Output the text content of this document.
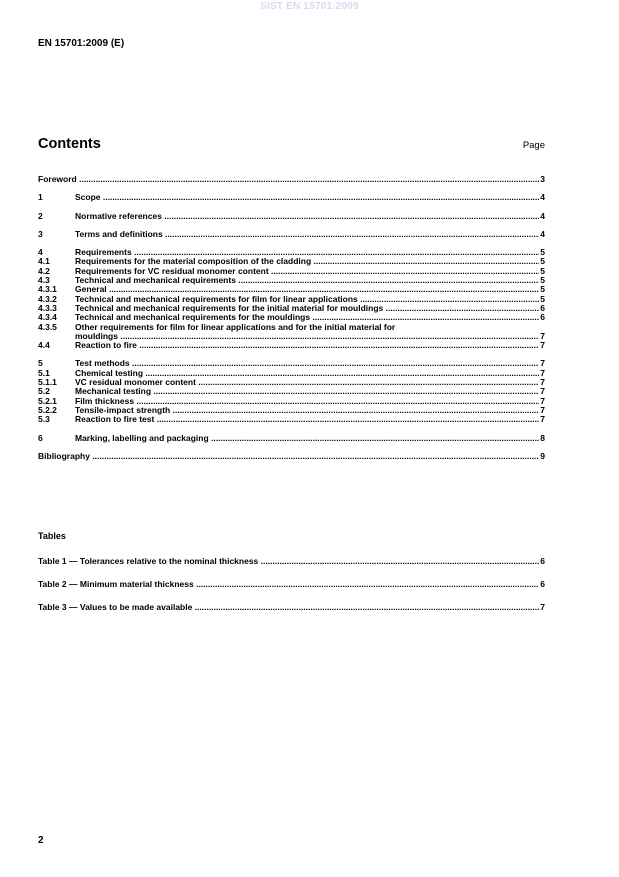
SIST EN 15701:2009
EN 15701:2009 (E)
Contents	Page
Foreword .....	3
1	Scope .....	4
2	Normative references .....	4
3	Terms and definitions .....	4
4	Requirements .....	5
4.1	Requirements for the material composition of the cladding .....	5
4.2	Requirements for VC residual monomer content .....	5
4.3	Technical and mechanical requirements .....	5
4.3.1	General .....	5
4.3.2	Technical and mechanical requirements for film for linear applications .....	5
4.3.3	Technical and mechanical requirements for the initial material for mouldings .....	6
4.3.4	Technical and mechanical requirements for the mouldings .....	6
4.3.5	Other requirements for film for linear applications and for the initial material for
mouldings .....	7
4.4	Reaction to fire .....	7
5	Test methods .....	7
5.1	Chemical testing .....	7
5.1.1	VC residual monomer content .....	7
5.2	Mechanical testing .....	7
5.2.1	Film thickness .....	7
5.2.2	Tensile-impact strength .....	7
5.3	Reaction to fire test .....	7
6	Marking, labelling and packaging .....	8
Bibliography .....	9
Tables
Table 1 — Tolerances relative to the nominal thickness .....	6
Table 2 — Minimum material thickness .....	6
Table 3 — Values to be made available .....	7
2
